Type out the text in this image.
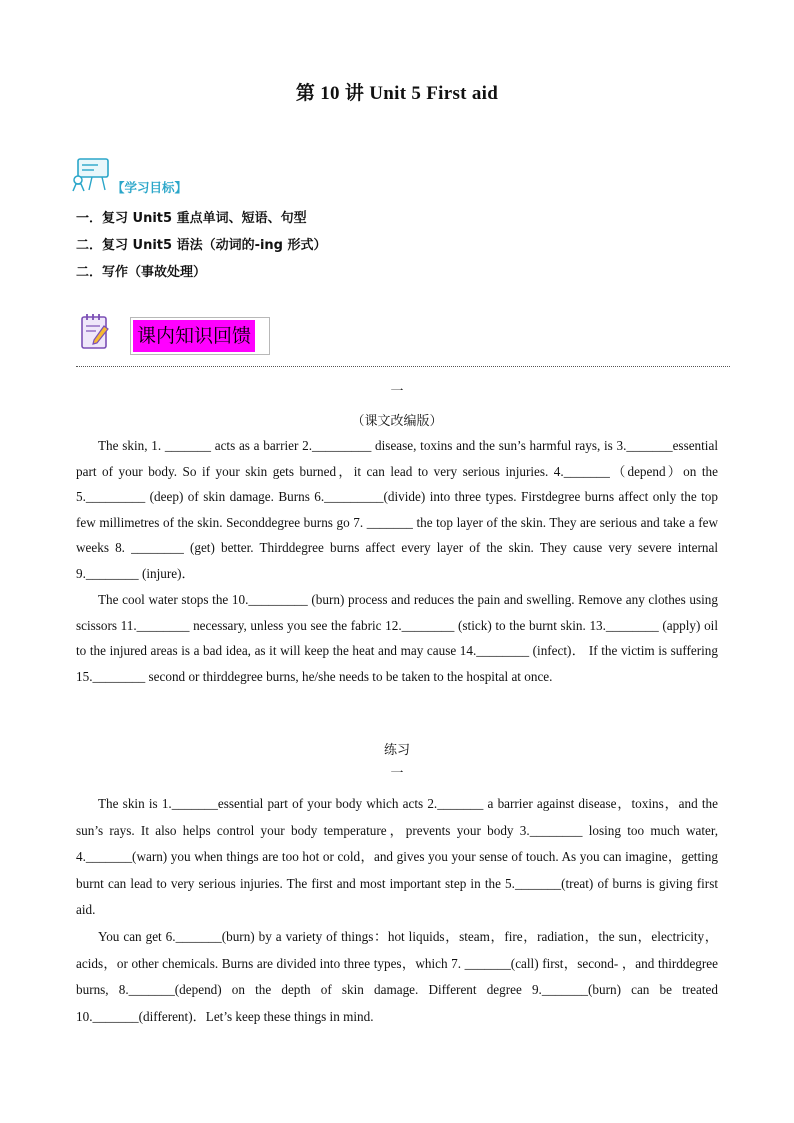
第 10 讲 Unit 5 First aid
【学习目标】
一．复习 Unit5 重点单词、短语、句型
二．复习 Unit5 语法（动词的-ing 形式）
二．写作（事故处理）
课内知识回馈
一
（课文改编版）
The skin, 1. _______ acts as a barrier 2._________ disease, toxins and the sun’s harmful rays, is 3._______essential part of your body. So if your skin gets burned，it can lead to very serious injuries. 4._______（depend）on the 5._________ (deep) of skin damage. Burns 6._________(divide) into three types. Firstdegree burns affect only the top few millimetres of the skin. Seconddegree burns go 7. _______ the top layer of the skin. They are serious and take a few weeks 8. ________ (get) better. Thirddegree burns affect every layer of the skin. They cause very severe internal 9.________ (injure)．
The cool water stops the 10._________ (burn) process and reduces the pain and swelling. Remove any clothes using scissors 11.________ necessary, unless you see the fabric 12.________ (stick) to the burnt skin. 13.________ (apply) oil to the injured areas is a bad idea, as it will keep the heat and may cause 14.________ (infect)． If the victim is suffering 15.________ second or thirddegree burns, he/she needs to be taken to the hospital at once.
练习
一
The skin is 1._______essential part of your body which acts 2._______ a barrier against disease，toxins，and the sun’s rays. It also helps control your body temperature，prevents your body 3.________ losing too much water, 4._______(warn) you when things are too hot or cold，and gives you your sense of touch. As you can imagine，getting burnt can lead to very serious injuries. The first and most important step in the 5._______(treat) of burns is giving first aid.
You can get 6._______(burn) by a variety of things：hot liquids，steam，fire，radiation，the sun，electricity，acids，or other chemicals. Burns are divided into three types，which 7. _______(call) first，second- ，and thirddegree burns, 8._______(depend) on the depth of skin damage. Different degree 9._______(burn) can be treated 10._______(different)．Let’s keep these things in mind.
